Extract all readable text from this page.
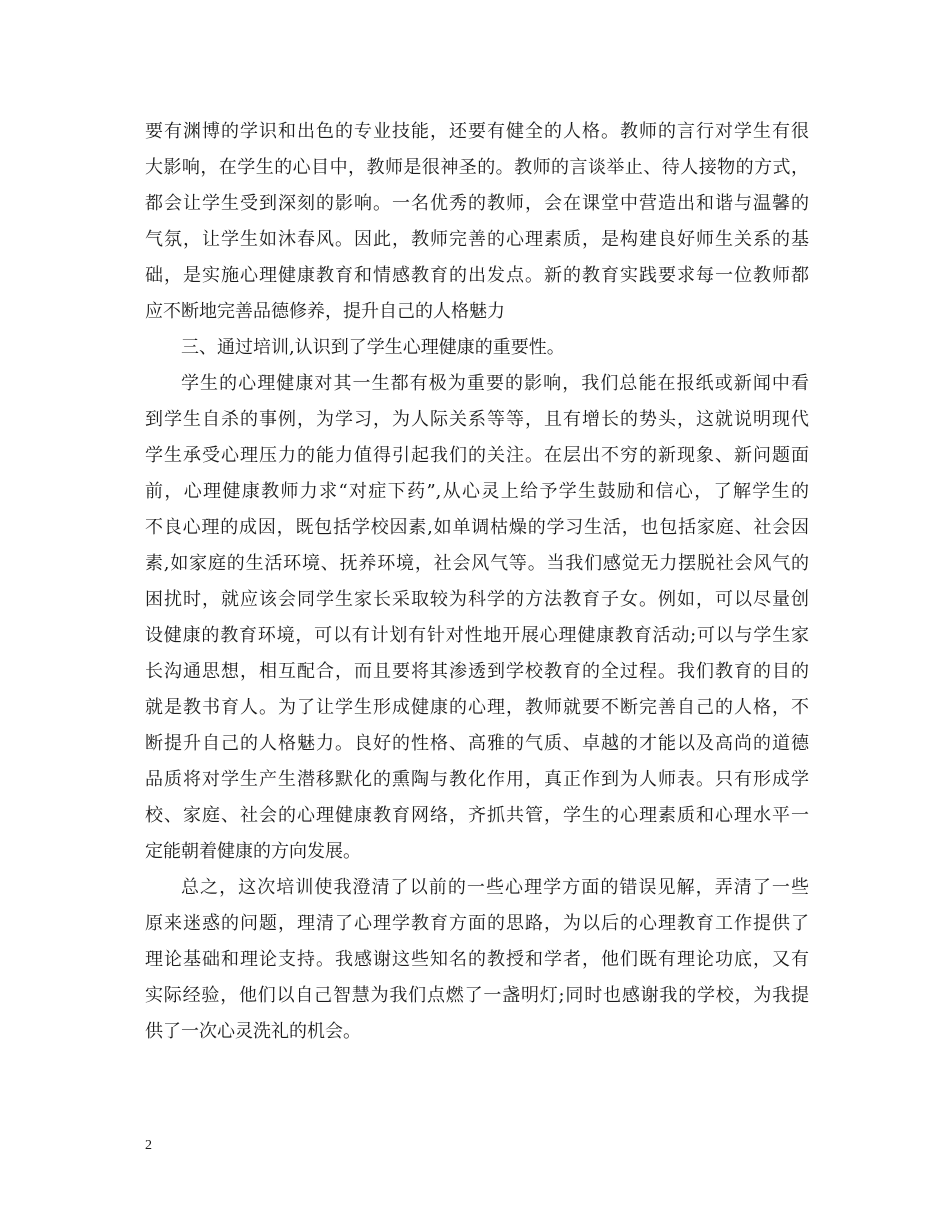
要有渊博的学识和出色的专业技能，还要有健全的人格。教师的言行对学生有很
大影响，在学生的心目中，教师是很神圣的。教师的言谈举止、待人接物的方式，
都会让学生受到深刻的影响。一名优秀的教师，会在课堂中营造出和谐与温馨的
气氛，让学生如沐春风。因此，教师完善的心理素质，是构建良好师生关系的基
础，是实施心理健康教育和情感教育的出发点。新的教育实践要求每一位教师都
应不断地完善品德修养，提升自己的人格魅力
三、通过培训,认识到了学生心理健康的重要性。
学生的心理健康对其一生都有极为重要的影响，我们总能在报纸或新闻中看
到学生自杀的事例，为学习，为人际关系等等，且有增长的势头，这就说明现代
学生承受心理压力的能力值得引起我们的关注。在层出不穷的新现象、新问题面
前，心理健康教师力求“对症下药”,从心灵上给予学生鼓励和信心，了解学生的
不良心理的成因，既包括学校因素,如单调枯燥的学习生活，也包括家庭、社会因
素,如家庭的生活环境、抚养环境，社会风气等。当我们感觉无力摆脱社会风气的
困扰时，就应该会同学生家长采取较为科学的方法教育子女。例如，可以尽量创
设健康的教育环境，可以有计划有针对性地开展心理健康教育活动;可以与学生家
长沟通思想，相互配合，而且要将其渗透到学校教育的全过程。我们教育的目的
就是教书育人。为了让学生形成健康的心理，教师就要不断完善自己的人格，不
断提升自己的人格魅力。良好的性格、高雅的气质、卓越的才能以及高尚的道德
品质将对学生产生潜移默化的熏陶与教化作用，真正作到为人师表。只有形成学
校、家庭、社会的心理健康教育网络，齐抓共管，学生的心理素质和心理水平一
定能朝着健康的方向发展。
总之，这次培训使我澄清了以前的一些心理学方面的错误见解，弄清了一些
原来迷惑的问题，理清了心理学教育方面的思路，为以后的心理教育工作提供了
理论基础和理论支持。我感谢这些知名的教授和学者，他们既有理论功底，又有
实际经验，他们以自己智慧为我们点燃了一盏明灯;同时也感谢我的学校，为我提
供了一次心灵洗礼的机会。
2
